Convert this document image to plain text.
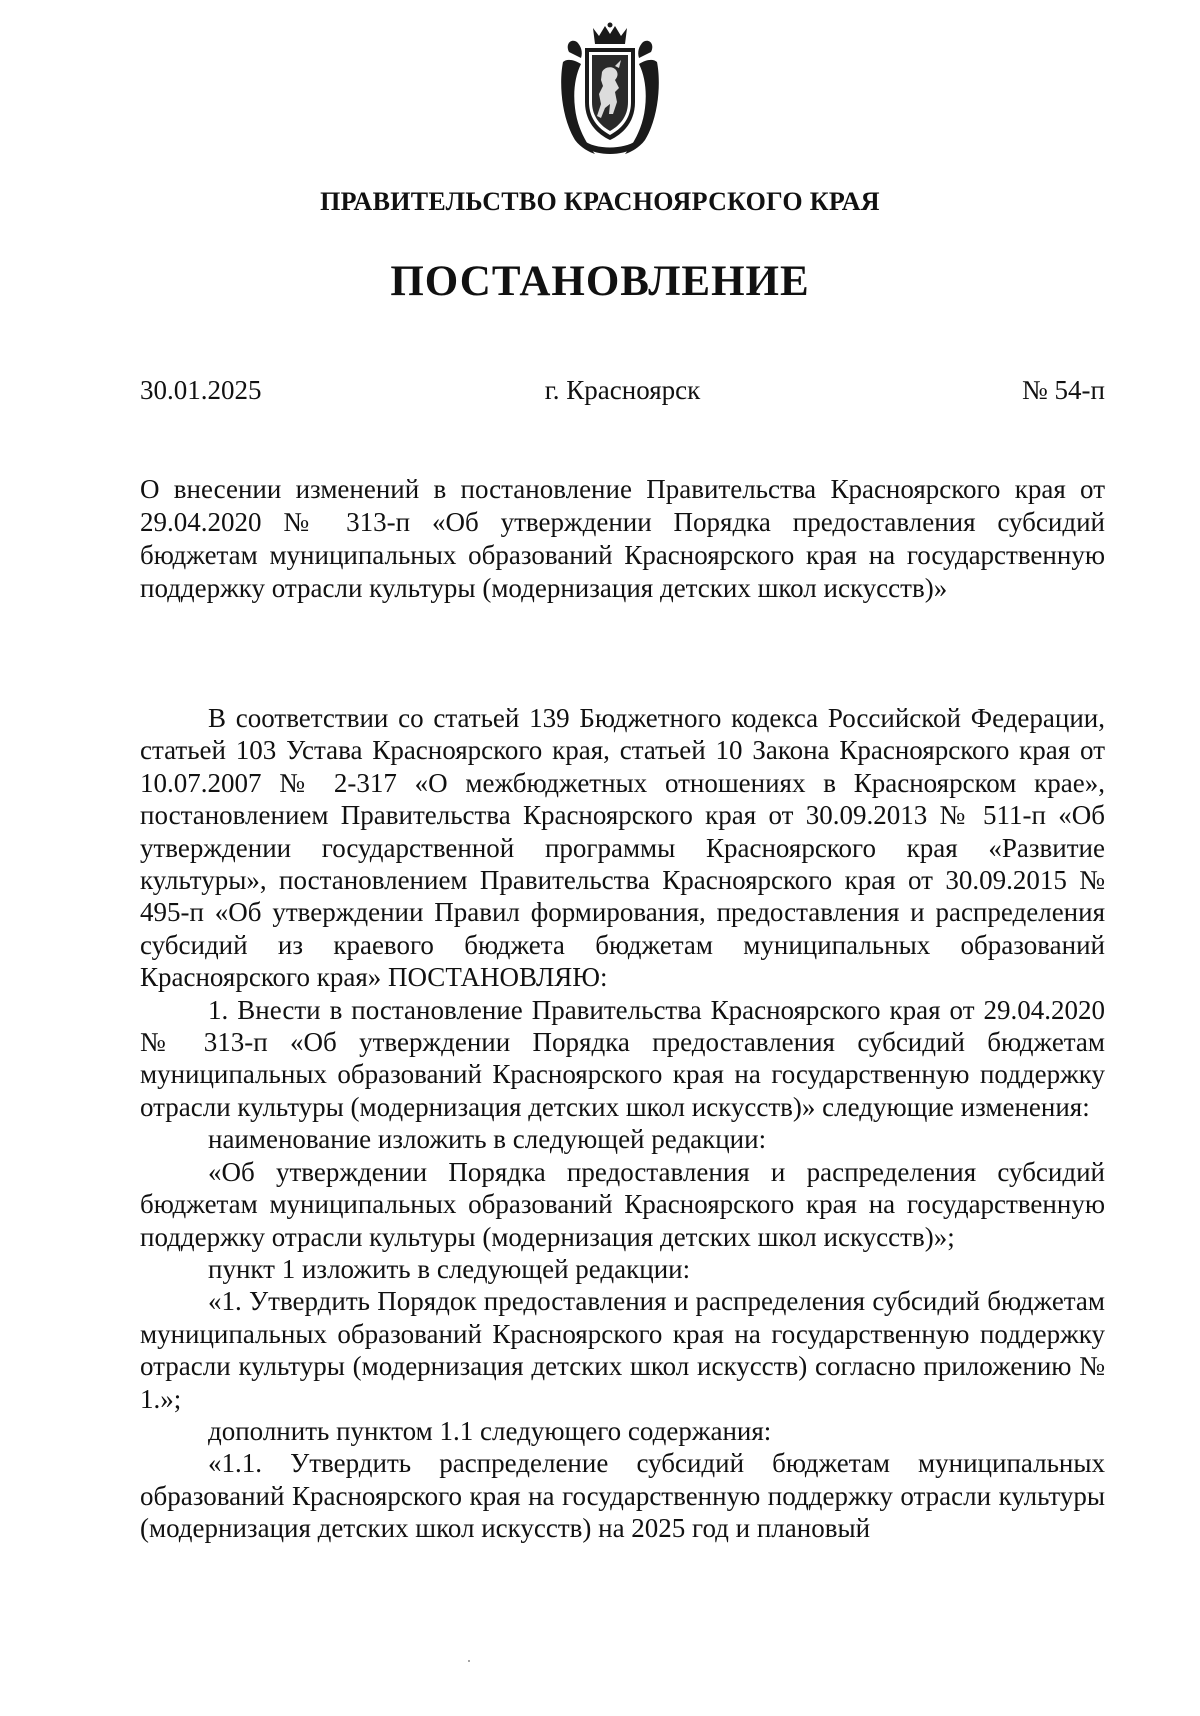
ПРАВИТЕЛЬСТВО КРАСНОЯРСКОГО КРАЯ
ПОСТАНОВЛЕНИЕ
30.01.2025	г. Красноярск	№ 54-п
О внесении изменений в постановление Правительства Красноярского края от 29.04.2020 № 313-п «Об утверждении Порядка предоставления субсидий бюджетам муниципальных образований Красноярского края на государственную поддержку отрасли культуры (модернизация детских школ искусств)»

В соответствии со статьей 139 Бюджетного кодекса Российской Федерации, статьей 103 Устава Красноярского края, статьей 10 Закона Красноярского края от 10.07.2007 № 2-317 «О межбюджетных отношениях в Красноярском крае», постановлением Правительства Красноярского края от 30.09.2013 № 511-п «Об утверждении государственной программы Красноярского края «Развитие культуры», постановлением Правительства Красноярского края от 30.09.2015 № 495-п «Об утверждении Правил формирования, предоставления и распределения субсидий из краевого бюджета бюджетам муниципальных образований Красноярского края» ПОСТАНОВЛЯЮ:

1. Внести в постановление Правительства Красноярского края от 29.04.2020 № 313-п «Об утверждении Порядка предоставления субсидий бюджетам муниципальных образований Красноярского края на государственную поддержку отрасли культуры (модернизация детских школ искусств)» следующие изменения:

наименование изложить в следующей редакции:

«Об утверждении Порядка предоставления и распределения субсидий бюджетам муниципальных образований Красноярского края на государственную поддержку отрасли культуры (модернизация детских школ искусств)»;

пункт 1 изложить в следующей редакции:

«1. Утвердить Порядок предоставления и распределения субсидий бюджетам муниципальных образований Красноярского края на государственную поддержку отрасли культуры (модернизация детских школ искусств) согласно приложению № 1.»;

дополнить пунктом 1.1 следующего содержания:

«1.1. Утвердить распределение субсидий бюджетам муниципальных образований Красноярского края на государственную поддержку отрасли культуры (модернизация детских школ искусств) на 2025 год и плановый
